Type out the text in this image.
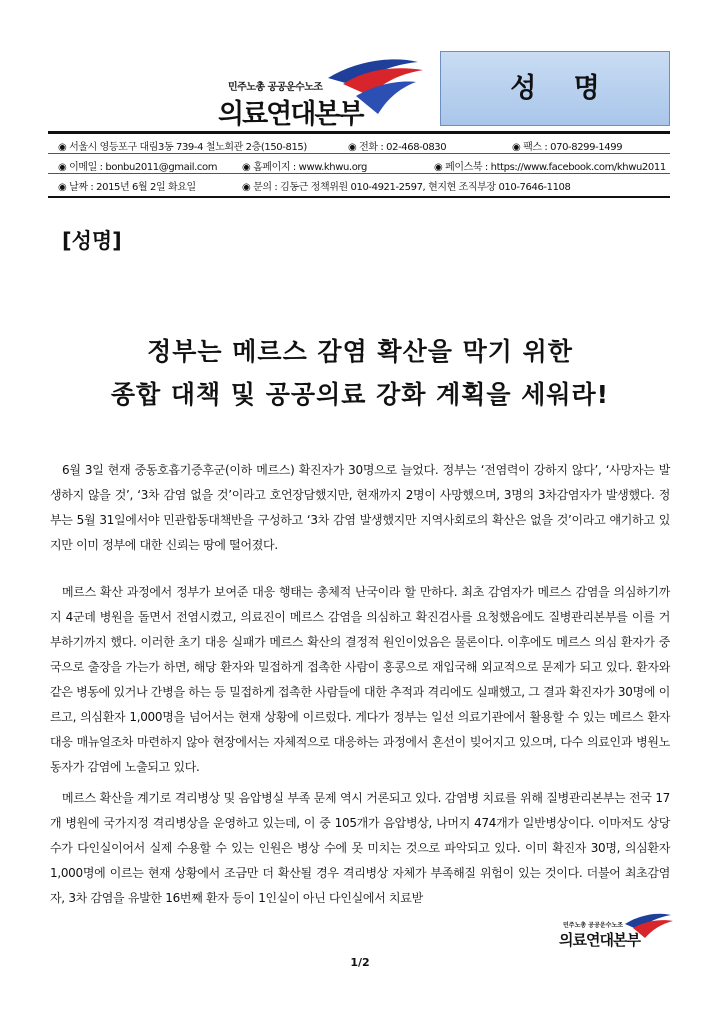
민주노총 공공운수노조
의료연대본부
성 명
◉ 서울시 영등포구 대림3동 739-4 철노회관 2층(150-815)	◉ 전화 : 02-468-0830	◉ 팩스 : 070-8299-1499
◉ 이메일 : bonbu2011@gmail.com ◉ 홈페이지 : www.khwu.org	◉ 페이스북 : https://www.facebook.com/khwu2011
◉ 날짜 : 2015년 6월 2일 화요일	◉ 문의 : 김동근 정책위원 010-4921-2597, 현지현 조직부장 010-7646-1108
[성명]
정부는 메르스 감염 확산을 막기 위한
종합 대책 및 공공의료 강화 계획을 세워라!

6월 3일 현재 중동호흡기증후군(이하 메르스) 확진자가 30명으로 늘었다. 정부는 ‘전염력이 강하지 않다’, ‘사망자는 발생하지 않을 것’, ‘3차 감염 없을 것’이라고 호언장담했지만, 현재까지 2명이 사망했으며, 3명의 3차감염자가 발생했다. 정부는 5월 31일에서야 민관합동대책반을 구성하고 ‘3차 감염 발생했지만 지역사회로의 확산은 없을 것’이라고 얘기하고 있지만 이미 정부에 대한 신뢰는 땅에 떨어졌다.

메르스 확산 과정에서 정부가 보여준 대응 행태는 총체적 난국이라 할 만하다. 최초 감염자가 메르스 감염을 의심하기까지 4군데 병원을 돌면서 전염시켰고, 의료진이 메르스 감염을 의심하고 확진검사를 요청했음에도 질병관리본부를 이를 거부하기까지 했다. 이러한 초기 대응 실패가 메르스 확산의 결정적 원인이었음은 물론이다. 이후에도 메르스 의심 환자가 중국으로 출장을 가는가 하면, 해당 환자와 밀접하게 접촉한 사람이 홍콩으로 재입국해 외교적으로 문제가 되고 있다. 환자와 같은 병동에 있거나 간병을 하는 등 밀접하게 접촉한 사람들에 대한 추적과 격리에도 실패했고, 그 결과 확진자가 30명에 이르고, 의심환자 1,000명을 넘어서는 현재 상황에 이르렀다. 게다가 정부는 일선 의료기관에서 활용할 수 있는 메르스 환자 대응 매뉴얼조차 마련하지 않아 현장에서는 자체적으로 대응하는 과정에서 혼선이 빚어지고 있으며, 다수 의료인과 병원노동자가 감염에 노출되고 있다.

메르스 확산을 계기로 격리병상 및 음압병실 부족 문제 역시 거론되고 있다. 감염병 치료를 위해 질병관리본부는 전국 17개 병원에 국가지정 격리병상을 운영하고 있는데, 이 중 105개가 음압병상, 나머지 474개가 일반병상이다. 이마저도 상당수가 다인실이어서 실제 수용할 수 있는 인원은 병상 수에 못 미치는 것으로 파악되고 있다. 이미 확진자 30명, 의심환자 1,000명에 이르는 현재 상황에서 조금만 더 확산될 경우 격리병상 자체가 부족해질 위험이 있는 것이다. 더불어 최초감염자, 3차 감염을 유발한 16번째 환자 등이 1인실이 아닌 다인실에서 치료받

민주노총 공공운수노조
의료연대본부
1/2
